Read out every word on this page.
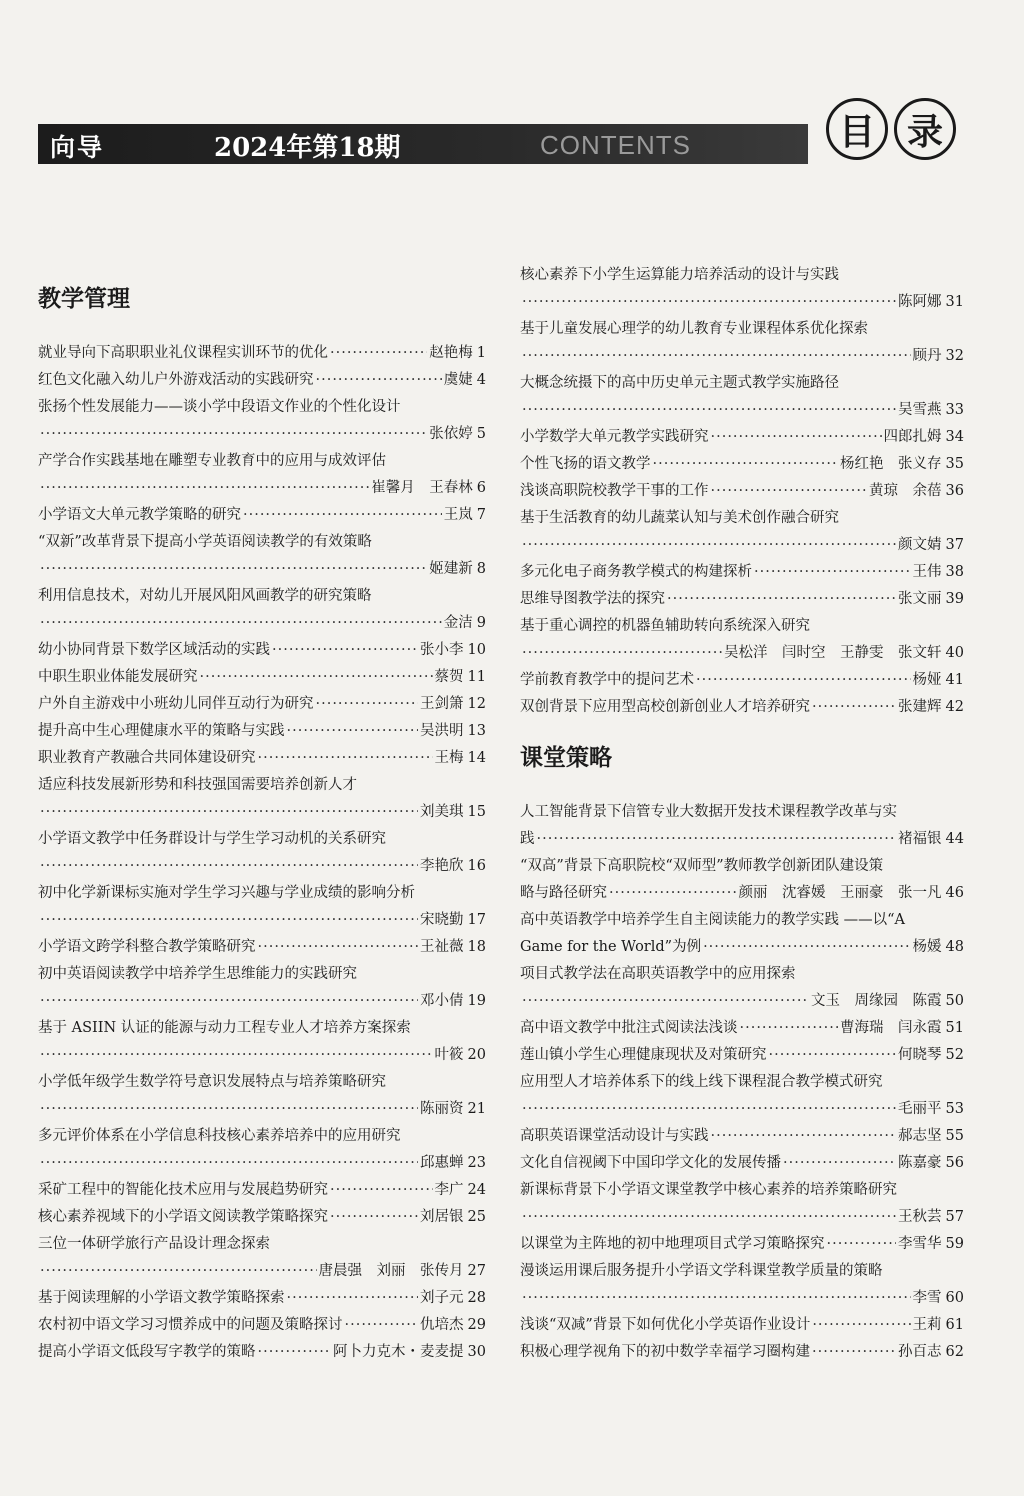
向导	2024年第18期	CONTENTS	目 录
教学管理
就业导向下高职职业礼仪课程实训环节的优化 ·····	赵艳梅 1
红色文化融入幼儿户外游戏活动的实践研究 ·····	虞婕 4
张扬个性发展能力——谈小学中段语文作业的个性化设计
·····
张依婷 5
产学合作实践基地在雕塑专业教育中的应用与成效评估
·····
崔馨月　王春林 6
小学语文大单元教学策略的研究 ·····	王岚 7
“双新”改革背景下提高小学英语阅读教学的有效策略
·····
姬建新 8
利用信息技术，对幼儿开展风阳风画教学的研究策略
·····
金洁 9
幼小协同背景下数学区域活动的实践 ·····	张小李 10
中职生职业体能发展研究 ·····	蔡贺 11
户外自主游戏中小班幼儿同伴互动行为研究 ·····	王剑箫 12
提升高中生心理健康水平的策略与实践 ·····	吴洪明 13
职业教育产教融合共同体建设研究 ·····	王梅 14
适应科技发展新形势和科技强国需要培养创新人才
·····
刘美琪 15
小学语文教学中任务群设计与学生学习动机的关系研究
·····
李艳欣 16
初中化学新课标实施对学生学习兴趣与学业成绩的影响分析
·····
宋晓勤 17
小学语文跨学科整合教学策略研究 ·····	王祉薇 18
初中英语阅读教学中培养学生思维能力的实践研究
·····
邓小倩 19
基于 ASIIN 认证的能源与动力工程专业人才培养方案探索
·····
叶筱 20
小学低年级学生数学符号意识发展特点与培养策略研究
·····
陈丽资 21
多元评价体系在小学信息科技核心素养培养中的应用研究
·····
邱惠蝉 23
采矿工程中的智能化技术应用与发展趋势研究 ·····	李广 24
核心素养视域下的小学语文阅读教学策略探究 ·····	刘居银 25
三位一体研学旅行产品设计理念探索
·····
唐晨强　刘丽　张传月 27
基于阅读理解的小学语文教学策略探索 ·····	刘子元 28
农村初中语文学习习惯养成中的问题及策略探讨 ·····	仇培杰 29
提高小学语文低段写字教学的策略 ·····	阿卜力克木・麦麦提 30
核心素养下小学生运算能力培养活动的设计与实践
·····
陈阿娜 31
基于儿童发展心理学的幼儿教育专业课程体系优化探索
·····
顾丹 32
大概念统摄下的高中历史单元主题式教学实施路径
·····
吴雪燕 33
小学数学大单元教学实践研究 ·····	四郎扎姆 34
个性飞扬的语文教学 ·····	杨红艳　张义存 35
浅谈高职院校教学干事的工作 ·····	黄琼　余蓓 36
基于生活教育的幼儿蔬菜认知与美术创作融合研究
·····
颜文婧 37
多元化电子商务教学模式的构建探析 ·····	王伟 38
思维导图教学法的探究 ·····	张文丽 39
基于重心调控的机器鱼辅助转向系统深入研究
·····
吴松洋　闫时空　王静雯　张文轩 40
学前教育教学中的提问艺术 ·····	杨娅 41
双创背景下应用型高校创新创业人才培养研究 ·····	张建辉 42
课堂策略
人工智能背景下信管专业大数据开发技术课程教学改革与实
践 ·····	褚福银 44
“双高”背景下高职院校“双师型”教师教学创新团队建设策
略与路径研究 ·····	颜丽　沈睿媛　王丽豪　张一凡 46
高中英语教学中培养学生自主阅读能力的教学实践 ——以“A
Game for the World”为例 ·····	杨媛 48
项目式教学法在高职英语教学中的应用探索
·····
文玉　周缘园　陈霞 50
高中语文教学中批注式阅读法浅谈 ·····	曹海瑞　闫永霞 51
莲山镇小学生心理健康现状及对策研究 ·····	何晓琴 52
应用型人才培养体系下的线上线下课程混合教学模式研究
·····
毛丽平 53
高职英语课堂活动设计与实践 ·····	郝志坚 55
文化自信视阈下中国印学文化的发展传播 ·····	陈嘉豪 56
新课标背景下小学语文课堂教学中核心素养的培养策略研究
·····
王秋芸 57
以课堂为主阵地的初中地理项目式学习策略探究 ·····	李雪华 59
漫谈运用课后服务提升小学语文学科课堂教学质量的策略
·····
李雪 60
浅谈“双减”背景下如何优化小学英语作业设计 ·····	王莉 61
积极心理学视角下的初中数学幸福学习圈构建 ·····	孙百志 62
